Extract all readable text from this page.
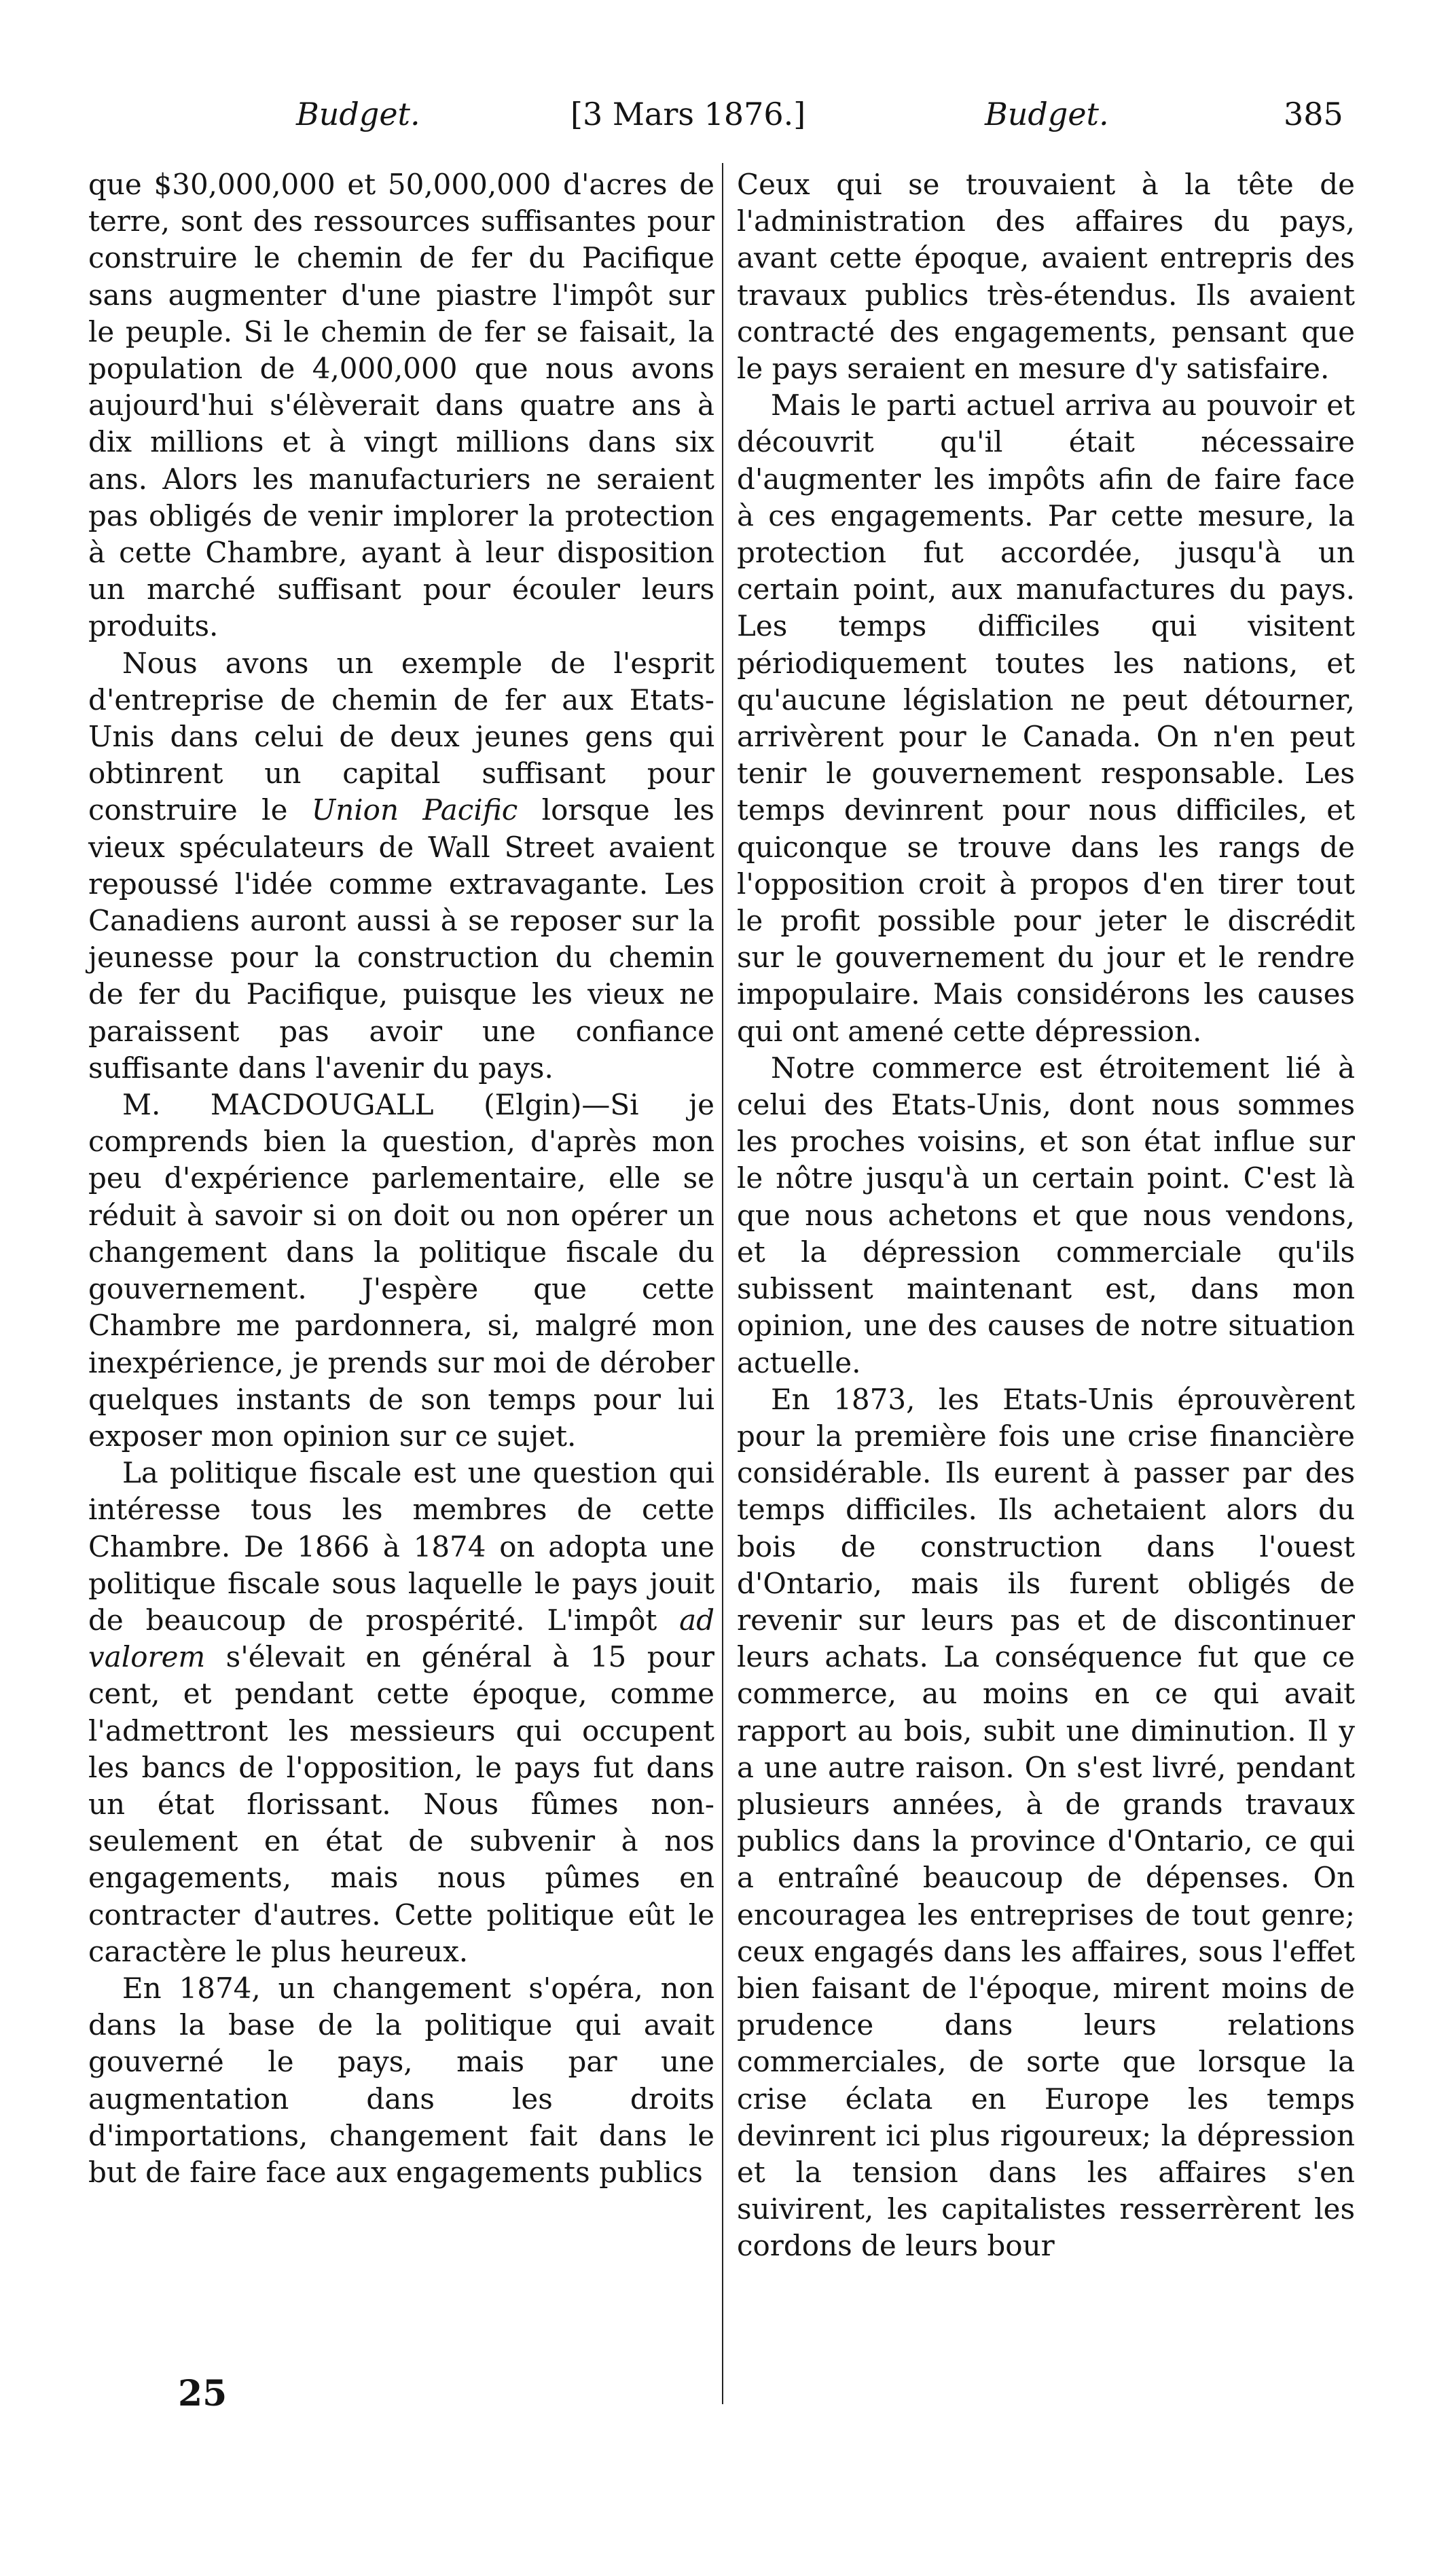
Budget.	[3 Mars 1876.]	Budget.	385

que $30,000,000 et 50,000,000 d'acres de terre, sont des ressources suffisantes pour construire le chemin de fer du Pacifique sans augmenter d'une piastre l'impôt sur le peuple. Si le chemin de fer se faisait, la population de 4,000,000 que nous avons aujourd'hui s'élèverait dans quatre ans à dix millions et à vingt millions dans six ans. Alors les manufacturiers ne seraient pas obligés de venir implorer la protection à cette Chambre, ayant à leur disposition un marché suffisant pour écouler leurs produits.

Nous avons un exemple de l'esprit d'entreprise de chemin de fer aux Etats-Unis dans celui de deux jeunes gens qui obtinrent un capital suffisant pour construire le Union Pacific lorsque les vieux spéculateurs de Wall Street avaient repoussé l'idée comme extravagante. Les Canadiens auront aussi à se reposer sur la jeunesse pour la construction du chemin de fer du Pacifique, puisque les vieux ne paraissent pas avoir une confiance suffisante dans l'avenir du pays.

M. MACDOUGALL (Elgin)—Si je comprends bien la question, d'après mon peu d'expérience parlementaire, elle se réduit à savoir si on doit ou non opérer un changement dans la politique fiscale du gouvernement. J'espère que cette Chambre me pardonnera, si, malgré mon inexpérience, je prends sur moi de dérober quelques instants de son temps pour lui exposer mon opinion sur ce sujet.

La politique fiscale est une question qui intéresse tous les membres de cette Chambre. De 1866 à 1874 on adopta une politique fiscale sous laquelle le pays jouit de beaucoup de prospérité. L'impôt ad valorem s'élevait en général à 15 pour cent, et pendant cette époque, comme l'admettront les messieurs qui occupent les bancs de l'opposition, le pays fut dans un état florissant. Nous fûmes non-seulement en état de subvenir à nos engagements, mais nous pûmes en contracter d'autres. Cette politique eût le caractère le plus heureux.

En 1874, un changement s'opéra, non dans la base de la politique qui avait gouverné le pays, mais par une augmentation dans les droits d'importations, changement fait dans le but de faire face aux engagements publics

Ceux qui se trouvaient à la tête de l'administration des affaires du pays, avant cette époque, avaient entrepris des travaux publics très-étendus. Ils avaient contracté des engagements, pensant que le pays seraient en mesure d'y satisfaire.

Mais le parti actuel arriva au pouvoir et découvrit qu'il était nécessaire d'augmenter les impôts afin de faire face à ces engagements. Par cette mesure, la protection fut accordée, jusqu'à un certain point, aux manufactures du pays. Les temps difficiles qui visitent périodiquement toutes les nations, et qu'aucune législation ne peut détourner, arrivèrent pour le Canada. On n'en peut tenir le gouvernement responsable. Les temps devinrent pour nous difficiles, et quiconque se trouve dans les rangs de l'opposition croit à propos d'en tirer tout le profit possible pour jeter le discrédit sur le gouvernement du jour et le rendre impopulaire. Mais considérons les causes qui ont amené cette dépression.

Notre commerce est étroitement lié à celui des Etats-Unis, dont nous sommes les proches voisins, et son état influe sur le nôtre jusqu'à un certain point. C'est là que nous achetons et que nous vendons, et la dépression commerciale qu'ils subissent maintenant est, dans mon opinion, une des causes de notre situation actuelle.

En 1873, les Etats-Unis éprouvèrent pour la première fois une crise financière considérable. Ils eurent à passer par des temps difficiles. Ils achetaient alors du bois de construction dans l'ouest d'Ontario, mais ils furent obligés de revenir sur leurs pas et de discontinuer leurs achats. La conséquence fut que ce commerce, au moins en ce qui avait rapport au bois, subit une diminution. Il y a une autre raison. On s'est livré, pendant plusieurs années, à de grands travaux publics dans la province d'Ontario, ce qui a entraîné beaucoup de dépenses. On encouragea les entreprises de tout genre; ceux engagés dans les affaires, sous l'effet bien faisant de l'époque, mirent moins de prudence dans leurs relations commerciales, de sorte que lorsque la crise éclata en Europe les temps devinrent ici plus rigoureux; la dépression et la tension dans les affaires s'en suivirent, les capitalistes resserrèrent les cordons de leurs bour

25
